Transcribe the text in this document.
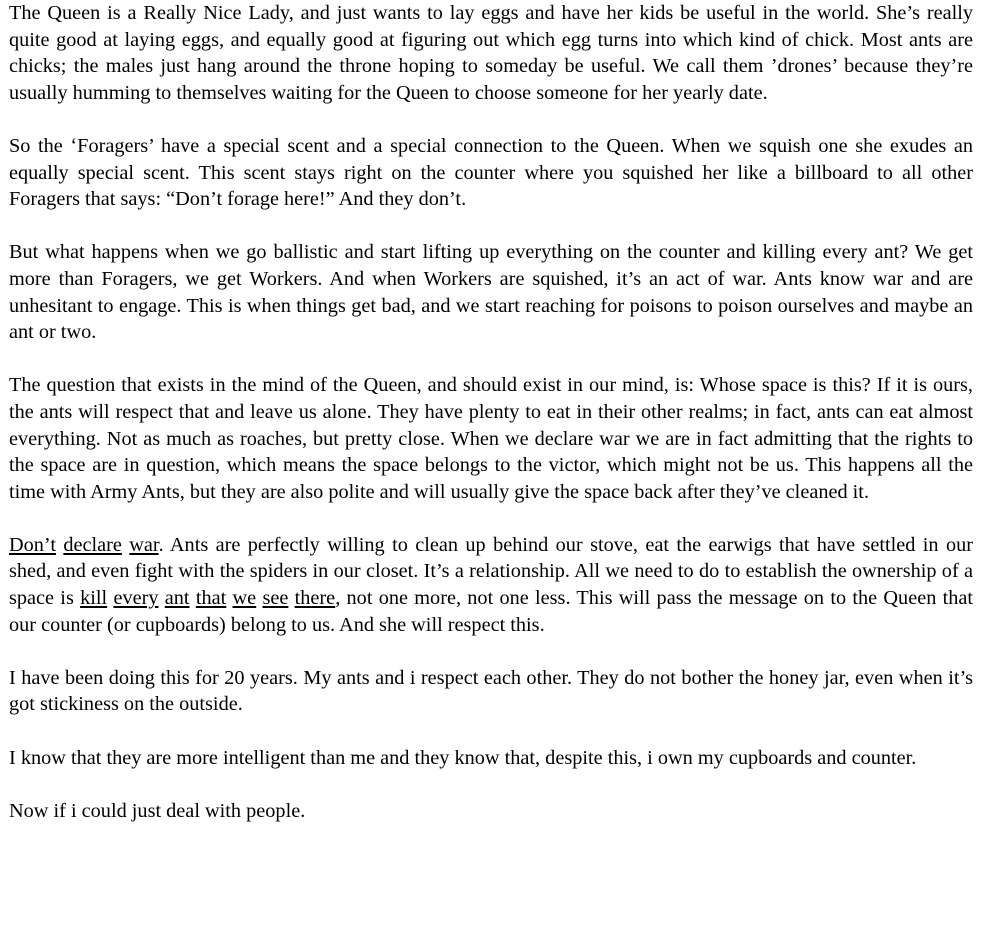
The Queen is a Really Nice Lady, and just wants to lay eggs and have her kids be useful in the world. She’s really quite good at laying eggs, and equally good at figuring out which egg turns into which kind of chick. Most ants are chicks; the males just hang around the throne hoping to someday be useful. We call them ’drones’ because they’re usually humming to themselves waiting for the Queen to choose someone for her yearly date.

So the ‘Foragers’ have a special scent and a special connection to the Queen. When we squish one she exudes an equally special scent. This scent stays right on the counter where you squished her like a billboard to all other Foragers that says: “Don’t forage here!” And they don’t.

But what happens when we go ballistic and start lifting up everything on the counter and killing every ant? We get more than Foragers, we get Workers. And when Workers are squished, it’s an act of war. Ants know war and are unhesitant to engage. This is when things get bad, and we start reaching for poisons to poison ourselves and maybe an ant or two.

The question that exists in the mind of the Queen, and should exist in our mind, is: Whose space is this? If it is ours, the ants will respect that and leave us alone. They have plenty to eat in their other realms; in fact, ants can eat almost everything. Not as much as roaches, but pretty close. When we declare war we are in fact admitting that the rights to the space are in question, which means the space belongs to the victor, which might not be us. This happens all the time with Army Ants, but they are also polite and will usually give the space back after they’ve cleaned it.

Don’t declare war. Ants are perfectly willing to clean up behind our stove, eat the earwigs that have settled in our shed, and even fight with the spiders in our closet. It’s a relationship. All we need to do to establish the ownership of a space is kill every ant that we see there, not one more, not one less. This will pass the message on to the Queen that our counter (or cupboards) belong to us. And she will respect this.

I have been doing this for 20 years. My ants and i respect each other. They do not bother the honey jar, even when it’s got stickiness on the outside.

I know that they are more intelligent than me and they know that, despite this, i own my cupboards and counter.

Now if i could just deal with people.
